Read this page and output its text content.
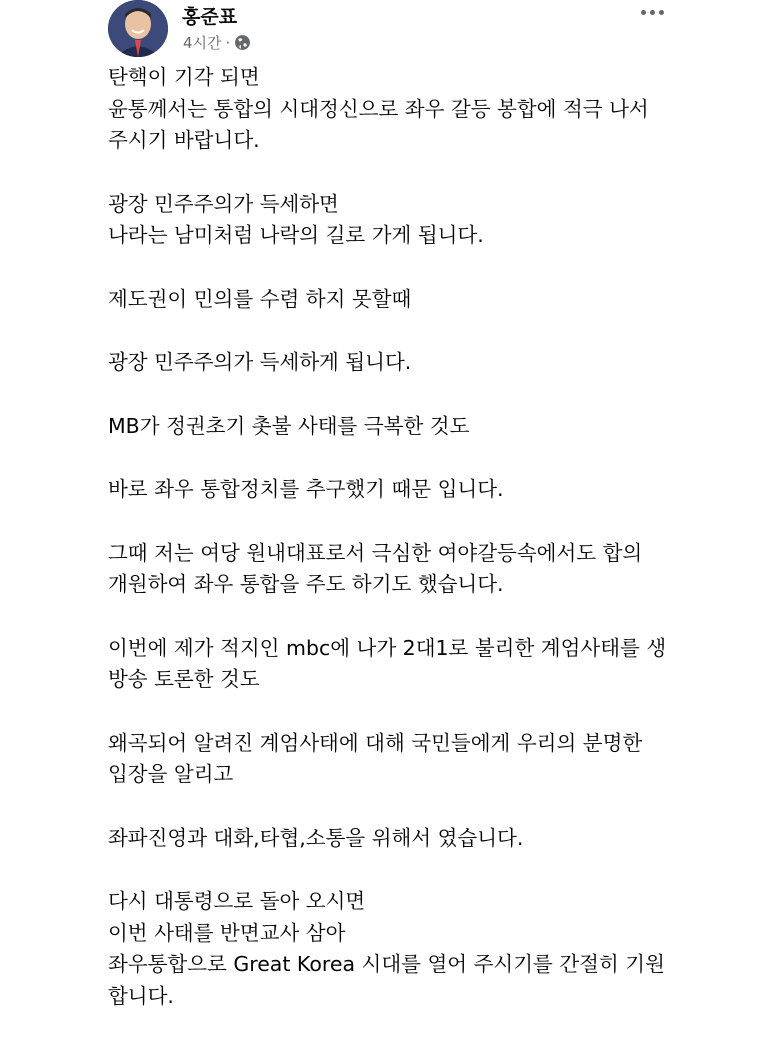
홍준표
4시간 ·

탄핵이 기각 되면
윤통께서는 통합의 시대정신으로 좌우 갈등 봉합에 적극 나서 주시기 바랍니다.

광장 민주주의가 득세하면
나라는 남미처럼 나락의 길로 가게 됩니다.

제도권이 민의를 수렴 하지 못할때

광장 민주주의가 득세하게 됩니다.

MB가 정권초기 촛불 사태를 극복한 것도

바로 좌우 통합정치를 추구했기 때문 입니다.

그때 저는 여당 원내대표로서 극심한 여야갈등속에서도 합의 개원하여 좌우 통합을 주도 하기도 했습니다.

이번에 제가 적지인 mbc에 나가 2대1로 불리한 계엄사태를 생방송 토론한 것도

왜곡되어 알려진 계엄사태에 대해 국민들에게 우리의 분명한 입장을 알리고

좌파진영과 대화,타협,소통을 위해서 였습니다.

다시 대통령으로 돌아 오시면
이번 사태를 반면교사 삼아
좌우통합으로 Great Korea 시대를 열어 주시기를 간절히 기원합니다.
